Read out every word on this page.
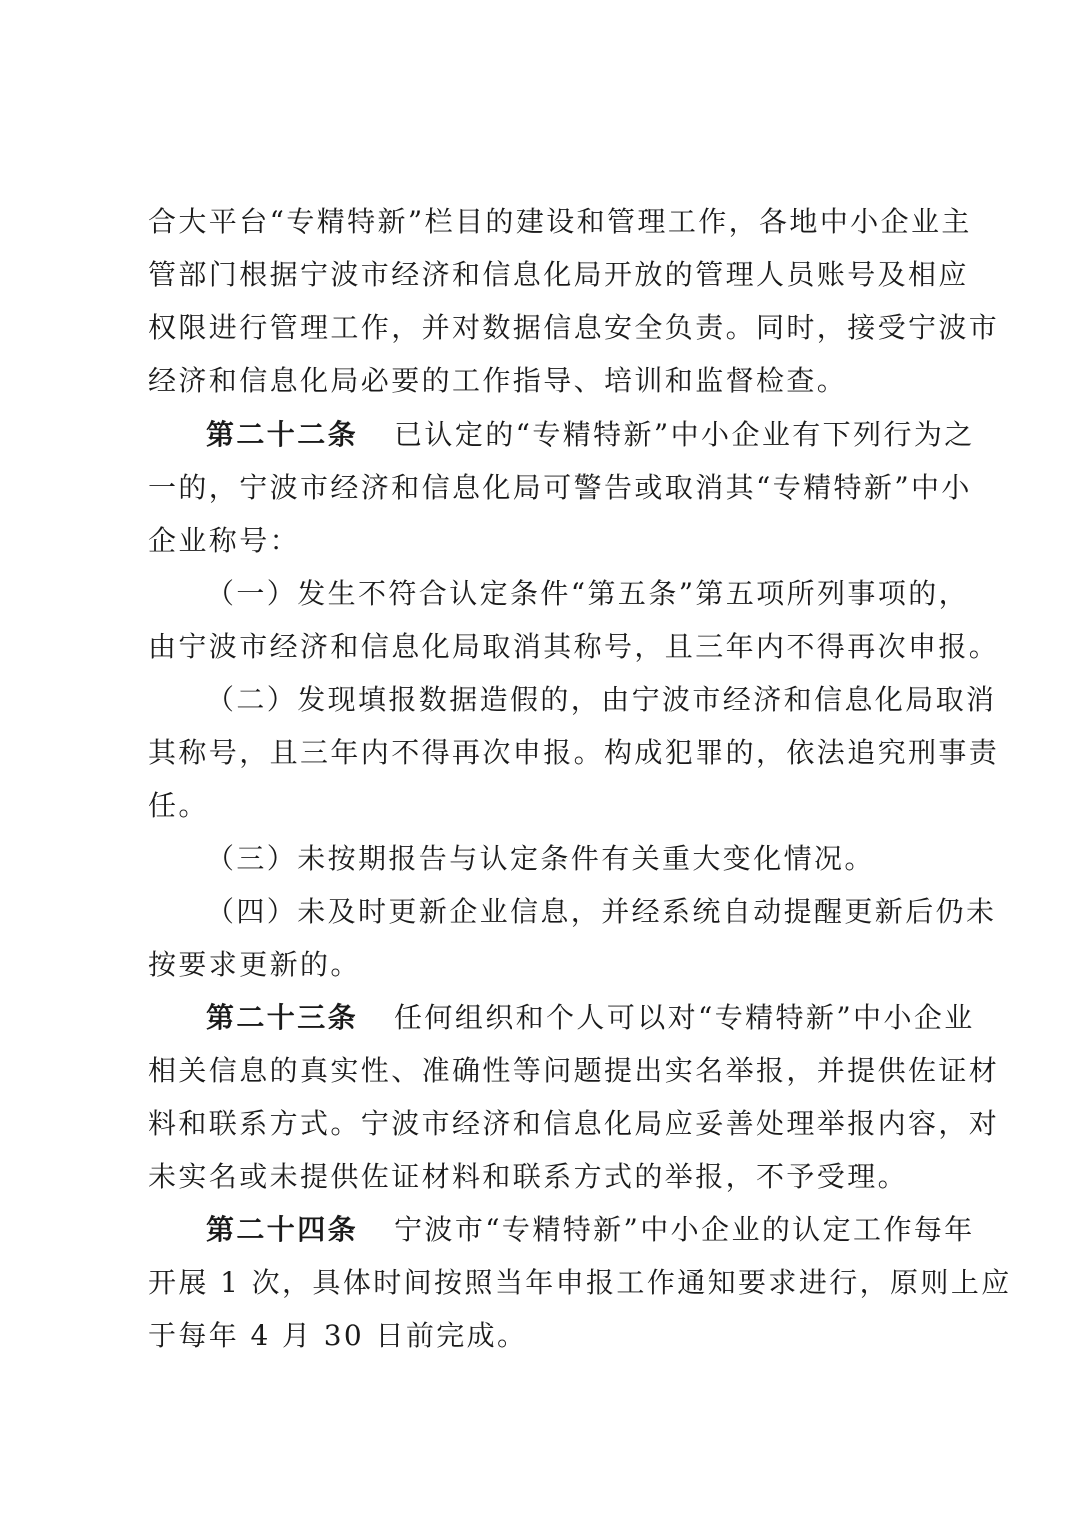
合大平台“专精特新”栏目的建设和管理工作，各地中小企业主
管部门根据宁波市经济和信息化局开放的管理人员账号及相应
权限进行管理工作，并对数据信息安全负责。同时，接受宁波市
经济和信息化局必要的工作指导、培训和监督检查。
第二十二条 已认定的“专精特新”中小企业有下列行为之
一的，宁波市经济和信息化局可警告或取消其“专精特新”中小
企业称号：
（一）发生不符合认定条件“第五条”第五项所列事项的，
由宁波市经济和信息化局取消其称号，且三年内不得再次申报。
（二）发现填报数据造假的，由宁波市经济和信息化局取消
其称号，且三年内不得再次申报。构成犯罪的，依法追究刑事责
任。
（三）未按期报告与认定条件有关重大变化情况。
（四）未及时更新企业信息，并经系统自动提醒更新后仍未
按要求更新的。
第二十三条 任何组织和个人可以对“专精特新”中小企业
相关信息的真实性、准确性等问题提出实名举报，并提供佐证材
料和联系方式。宁波市经济和信息化局应妥善处理举报内容，对
未实名或未提供佐证材料和联系方式的举报，不予受理。
第二十四条 宁波市“专精特新”中小企业的认定工作每年
开展 1 次，具体时间按照当年申报工作通知要求进行，原则上应
于每年 4 月 30 日前完成。
